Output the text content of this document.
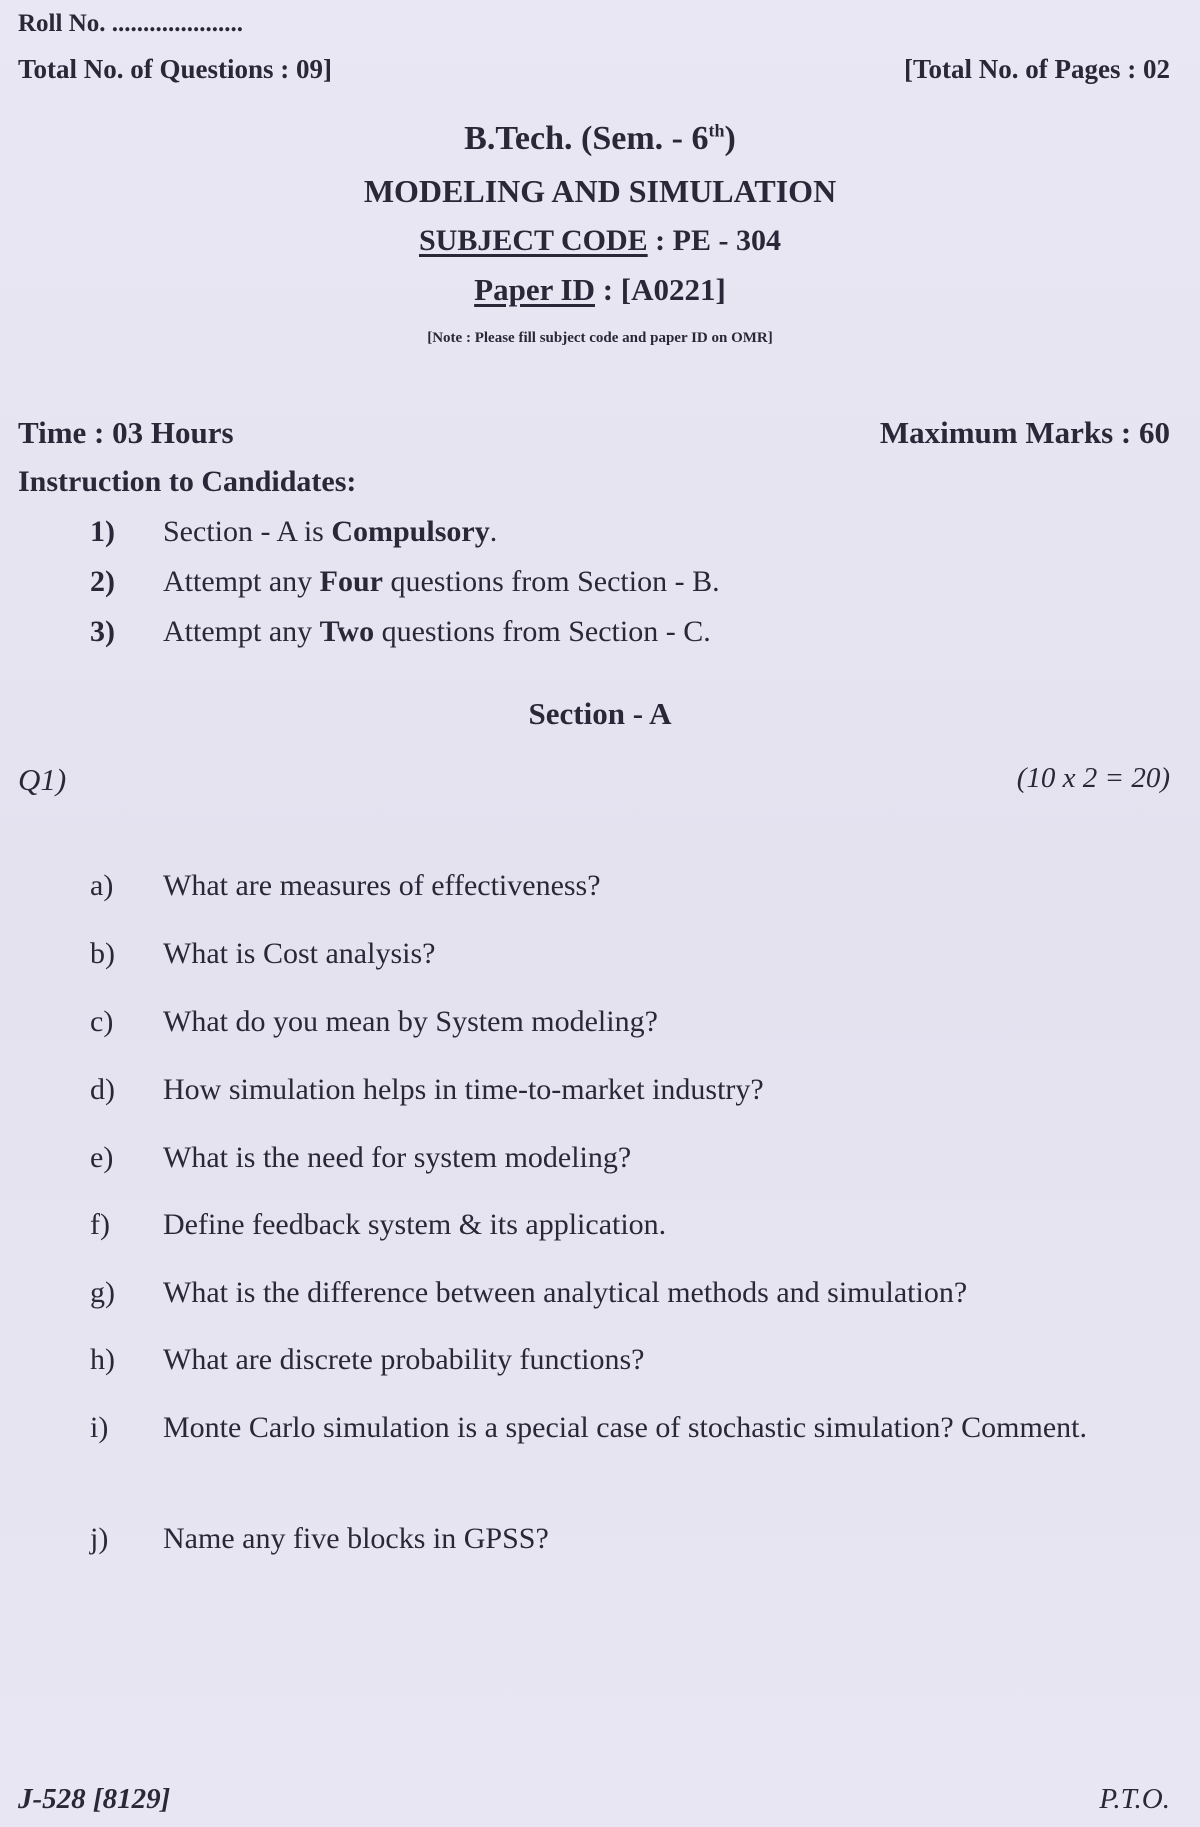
Roll No. .....................
Total No. of Questions : 09]	[Total No. of Pages : 02
B.Tech. (Sem. - 6th)
MODELING AND SIMULATION
SUBJECT CODE : PE - 304
Paper ID : [A0221]
[Note : Please fill subject code and paper ID on OMR]
Time : 03 Hours	Maximum Marks : 60
Instruction to Candidates:
1) Section - A is Compulsory.
2) Attempt any Four questions from Section - B.
3) Attempt any Two questions from Section - C.
Section - A
Q1)	(10 x 2 = 20)
a) What are measures of effectiveness?
b) What is Cost analysis?
c) What do you mean by System modeling?
d) How simulation helps in time-to-market industry?
e) What is the need for system modeling?
f) Define feedback system & its application.
g) What is the difference between analytical methods and simulation?
h) What are discrete probability functions?
i) Monte Carlo simulation is a special case of stochastic simulation? Comment.
j) Name any five blocks in GPSS?
J-528 [8129]	P.T.O.
